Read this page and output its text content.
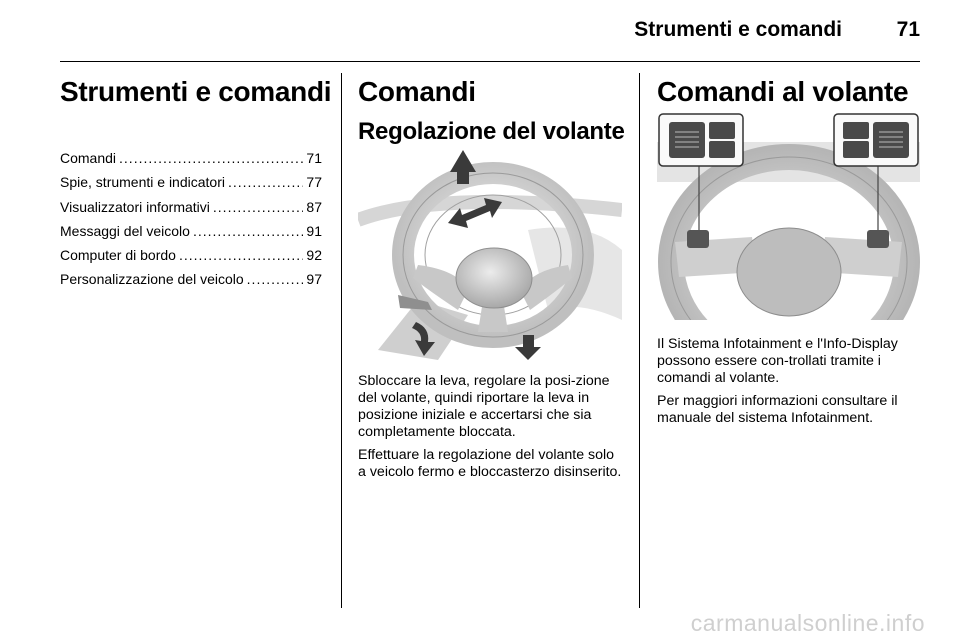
Strumenti e comandi	71
Strumenti e comandi
Comandi .....	71
Spie, strumenti e indicatori .....	77
Visualizzatori informativi .....	87
Messaggi del veicolo .....	91
Computer di bordo .....	92
Personalizzazione del veicolo .....	97
Comandi
Regolazione del volante

Sbloccare la leva, regolare la posi-zione del volante, quindi riportare la leva in posizione iniziale e accertarsi che sia completamente bloccata.

Effettuare la regolazione del volante solo a veicolo fermo e bloccasterzo disinserito.

Comandi al volante

Il Sistema Infotainment e l'Info-Display possono essere con-trollati tramite i comandi al volante.

Per maggiori informazioni consultare il manuale del sistema Infotainment.

carmanualsonline.info
